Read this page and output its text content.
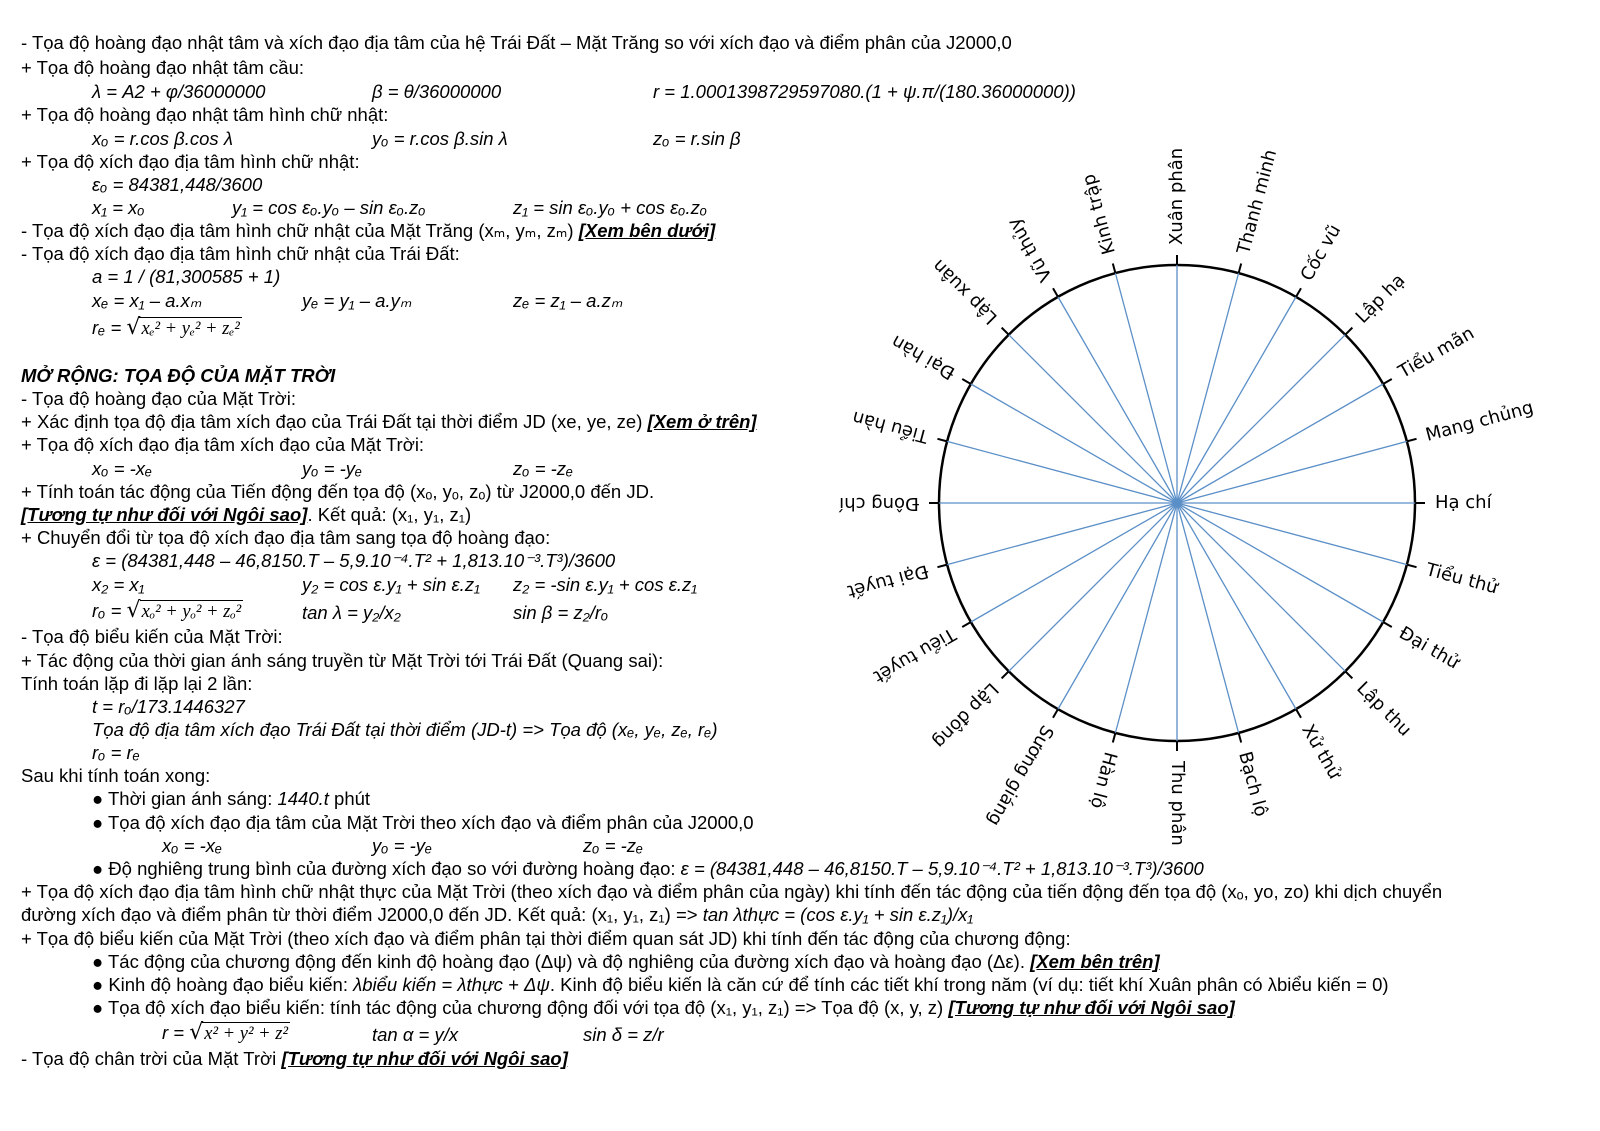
- Tọa độ hoàng đạo nhật tâm và xích đạo địa tâm của hệ Trái Đất – Mặt Trăng so với xích đạo và điểm phân của J2000,0
+ Tọa độ hoàng đạo nhật tâm cầu:
λ = A2 + φ/36000000	β = θ/36000000	r = 1.0001398729597080.(1 + ψ.π/(180.36000000))
+ Tọa độ hoàng đạo nhật tâm hình chữ nhật:
xₒ = r.cos β.cos λ	yₒ = r.cos β.sin λ	zₒ = r.sin β
+ Tọa độ xích đạo địa tâm hình chữ nhật:
εₒ = 84381,448/3600
x₁ = xₒ	y₁ = cos εₒ.yₒ – sin εₒ.zₒ	z₁ = sin εₒ.yₒ + cos εₒ.zₒ
- Tọa độ xích đạo địa tâm hình chữ nhật của Mặt Trăng (xₘ, yₘ, zₘ) [Xem bên dưới]
- Tọa độ xích đạo địa tâm hình chữ nhật của Trái Đất:
a = 1 / (81,300585 + 1)
xₑ = x₁ – a.xₘ	yₑ = y₁ – a.yₘ	zₑ = z₁ – a.zₘ
rₑ = √xₑ² + yₑ² + zₑ²
MỞ RỘNG: TỌA ĐỘ CỦA MẶT TRỜI
- Tọa độ hoàng đạo của Mặt Trời:
+ Xác định tọa độ địa tâm xích đạo của Trái Đất tại thời điểm JD (xe, ye, ze) [Xem ở trên]
+ Tọa độ xích đạo địa tâm xích đạo của Mặt Trời:
xₒ = -xₑ	yₒ = -yₑ	zₒ = -zₑ
+ Tính toán tác động của Tiến động đến tọa độ (xₒ, yₒ, zₒ) từ J2000,0 đến JD.
[Tương tự như đối với Ngôi sao]. Kết quả: (x₁, y₁, z₁)
+ Chuyển đổi từ tọa độ xích đạo địa tâm sang tọa độ hoàng đạo:
ε = (84381,448 – 46,8150.T – 5,9.10⁻⁴.T² + 1,813.10⁻³.T³)/3600
x₂ = x₁	y₂ = cos ε.y₁ + sin ε.z₁ z₂ = -sin ε.y₁ + cos ε.z₁
rₒ = √xₒ² + yₒ² + zₒ²	tan λ = y₂/x₂	sin β = z₂/rₒ
- Tọa độ biểu kiến của Mặt Trời:
+ Tác động của thời gian ánh sáng truyền từ Mặt Trời tới Trái Đất (Quang sai):
Tính toán lặp đi lặp lại 2 lần:
t = rₒ/173.1446327
Tọa độ địa tâm xích đạo Trái Đất tại thời điểm (JD-t) => Tọa độ (xₑ, yₑ, zₑ, rₑ)
rₒ = rₑ
Sau khi tính toán xong:
● Thời gian ánh sáng: 1440.t phút
● Tọa độ xích đạo địa tâm của Mặt Trời theo xích đạo và điểm phân của J2000,0
xₒ = -xₑ	yₒ = -yₑ	zₒ = -zₑ
● Độ nghiêng trung bình của đường xích đạo so với đường hoàng đạo: ε = (84381,448 – 46,8150.T – 5,9.10⁻⁴.T² + 1,813.10⁻³.T³)/3600
+ Tọa độ xích đạo địa tâm hình chữ nhật thực của Mặt Trời (theo xích đạo và điểm phân của ngày) khi tính đến tác động của tiến động đến tọa độ (xₒ, yo, zo) khi dịch chuyển
đường xích đạo và điểm phân từ thời điểm J2000,0 đến JD. Kết quả: (x₁, y₁, z₁) => tan λthực = (cos ε.y₁ + sin ε.z₁)/x₁
+ Tọa độ biểu kiến của Mặt Trời (theo xích đạo và điểm phân tại thời điểm quan sát JD) khi tính đến tác động của chương động:
● Tác động của chương động đến kinh độ hoàng đạo (Δψ) và độ nghiêng của đường xích đạo và hoàng đạo (Δε). [Xem bên trên]
● Kinh độ hoàng đạo biểu kiến: λbiểu kiến = λthực + Δψ. Kinh độ biểu kiến là căn cứ để tính các tiết khí trong năm (ví dụ: tiết khí Xuân phân có λbiểu kiến = 0)
● Tọa độ xích đạo biểu kiến: tính tác động của chương động đối với tọa độ (x₁, y₁, z₁) => Tọa độ (x, y, z) [Tương tự như đối với Ngôi sao]
r = √x² + y² + z²	tan α = y/x	sin δ = z/r
- Tọa độ chân trời của Mặt Trời [Tương tự như đối với Ngôi sao]
Xuân phân	Thanh minh Cốc vũ
Lập hạ
Tiểu mãn
Mang chủng
Hạ chí
Tiểu thử
Đại thử
Lập thu
Xử thử
Bạch lộ
Thu phân
Hàn lộ
Sương giáng
Lập đông
Tiểu tuyết
Đại tuyết
Đông chí
Tiểu hàn
Đại hàn
Lập xuân
Vũ thủy Kinh trập
